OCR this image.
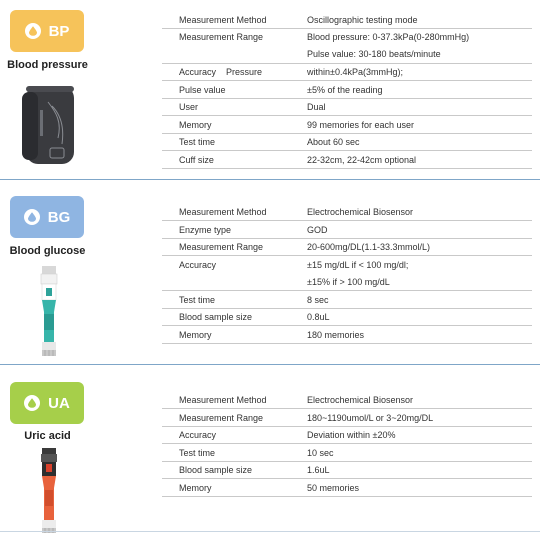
BP
Blood pressure
Measurement Method	Oscillographic testing mode
Measurement Range	Blood pressure: 0-37.3kPa(0-280mmHg)
Pulse value: 30-180 beats/minute
Accuracy    Pressure	within±0.4kPa(3mmHg);
Pulse value	±5% of the reading
User	Dual
Memory	99 memories for each user
Test time	About 60 sec
Cuff size	22-32cm, 22-42cm optional
BG
Blood glucose
Measurement Method	Electrochemical Biosensor
Enzyme type	GOD
Measurement Range	20-600mg/DL(1.1-33.3mmol/L)
Accuracy	±15 mg/dL if < 100 mg/dl;
±15% if > 100 mg/dL
Test time	8 sec
Blood sample size	0.8uL
Memory	180 memories
UA
Uric acid
Measurement Method	Electrochemical Biosensor
Measurement Range	180~1190umol/L or 3~20mg/DL
Accuracy	Deviation within ±20%
Test time	10 sec
Blood sample size	1.6uL
Memory	50 memories
